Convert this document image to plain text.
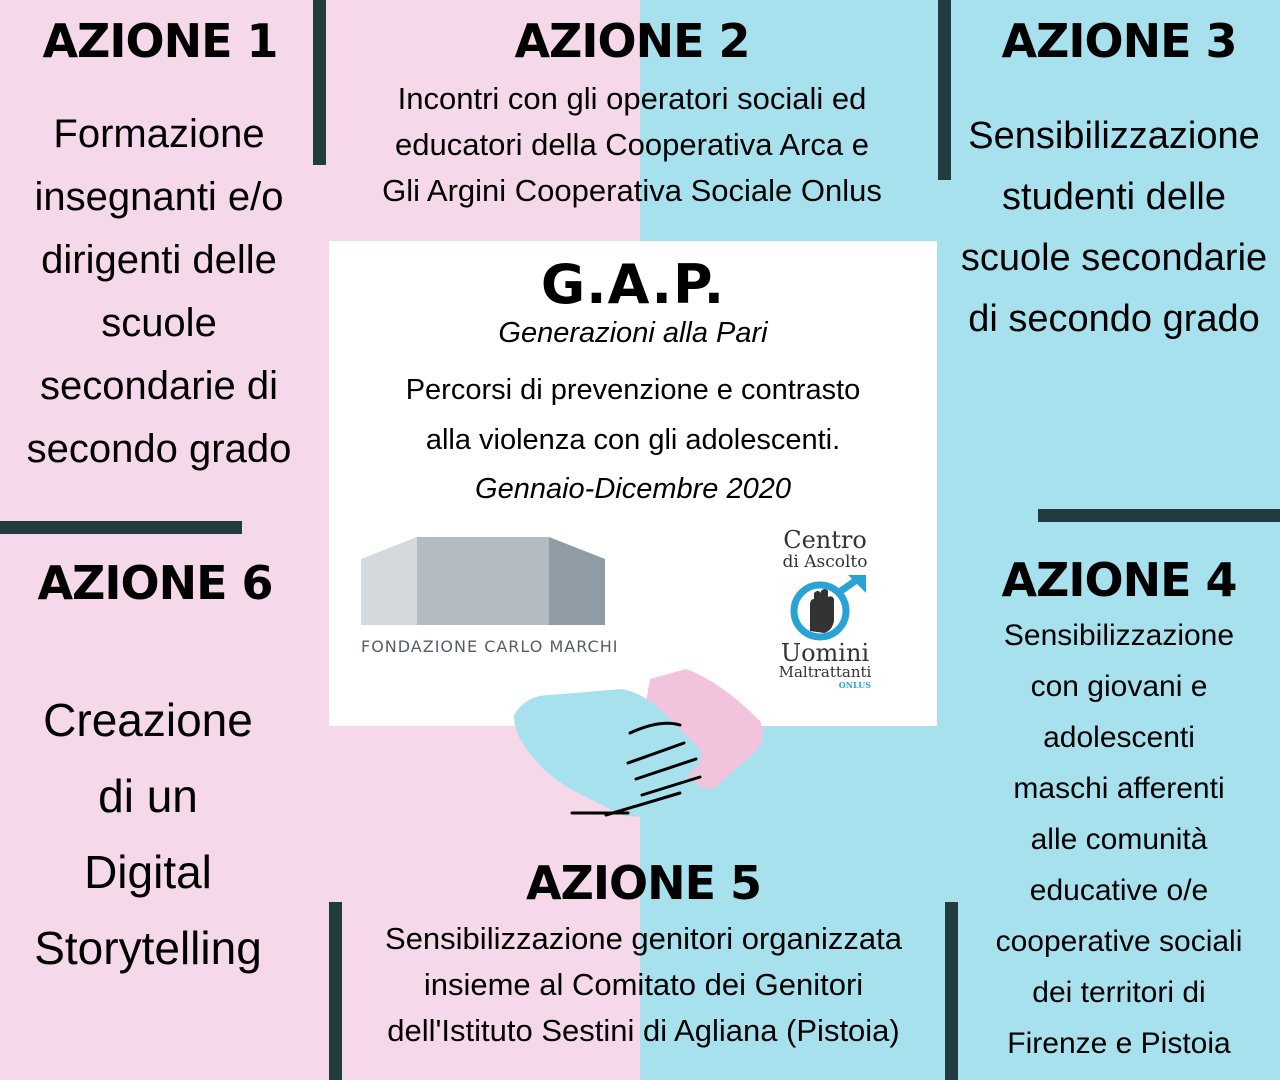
AZIONE 1
Formazione
insegnanti e/o
dirigenti delle
scuole
secondarie di
secondo grado
AZIONE 2
Incontri con gli operatori sociali ed
educatori della Cooperativa Arca e
Gli Argini Cooperativa Sociale Onlus
AZIONE 3
Sensibilizzazione
studenti delle
scuole secondarie
di secondo grado
G.A.P.
Generazioni alla Pari
Percorsi di prevenzione e contrasto
alla violenza con gli adolescenti.
Gennaio-Dicembre 2020
FONDAZIONE CARLO MARCHI
Centro
di Ascolto
Uomini
Maltrattanti
ONLUS
AZIONE 6
Creazione
di un
Digital
Storytelling
AZIONE 4
Sensibilizzazione
con giovani e
adolescenti
maschi afferenti
alle comunità
educative o/e
cooperative sociali
dei territori di
Firenze e Pistoia
AZIONE 5
Sensibilizzazione genitori organizzata
insieme al Comitato dei Genitori
dell'Istituto Sestini di Agliana (Pistoia)
